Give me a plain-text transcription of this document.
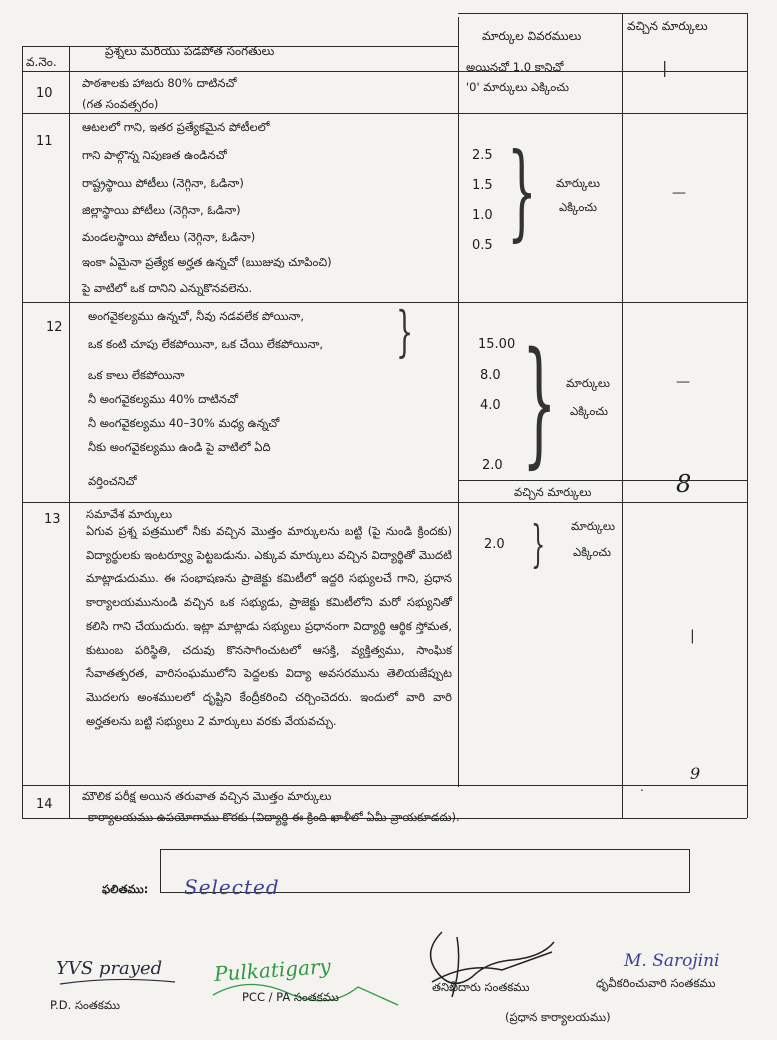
వ.నెం.
ప్రశ్నలు మరియు పడపోత సంగతులు
మార్కుల వివరములు
వచ్చిన మార్కులు
10
పాఠశాలకు హాజరు 80% దాటినచో
(గత సంవత్సరం)
అయినచో 1.0 కానిచో
'0' మార్కులు ఎక్కించు
|
11
ఆటలలో గాని, ఇతర ప్రత్యేకమైన పోటీలలో
గాని పాల్గొన్న నిపుణత ఉండినచో
రాష్ట్రస్థాయి పోటీలు (నెగ్గినా, ఓడినా)
జిల్లాస్థాయి పోటీలు (నెగ్గినా, ఓడినా)
మండలస్థాయి పోటీలు (నెగ్గినా, ఓడినా)
ఇంకా ఏమైనా ప్రత్యేక అర్హత ఉన్నచో (ఋజువు చూపించి)
పై వాటిలో ఒక దానిని ఎన్నుకొనవలెను.
2.5
1.5
1.0
0.5 } మార్కులు
ఎక్కించు
—
12
అంగవైకల్యము ఉన్నచో, నీవు నడవలేక పోయినా,
ఒక కంటి చూపు లేకపోయినా, ఒక చేయి లేకపోయినా, }
ఒక కాలు లేకపోయినా
నీ అంగవైకల్యము 40% దాటినచో
నీ అంగవైకల్యము 40–30% మధ్య ఉన్నచో
నీకు అంగవైకల్యము ఉండి పై వాటిలో ఏది
వర్తించనిచో
15.00
8.0
4.0
2.0 } మార్కులు
ఎక్కించు
—
వచ్చిన మార్కులు	8
13 సమావేశ మార్కులు
ఏగువ ప్రశ్న పత్రములో నీకు వచ్చిన మొత్తం మార్కులను బట్టి (పై నుండి క్రిందకు) విద్యార్థులకు ఇంటర్వ్యూ పెట్టబడును. ఎక్కువ మార్కులు వచ్చిన విద్యార్థితో మొదటి మాట్లాడుదుము. ఈ సంభాషణను ప్రాజెక్టు కమిటీలో ఇద్దరి సభ్యులచే గాని, ప్రధాన కార్యాలయమునుండి వచ్చిన ఒక సభ్యుడు, ప్రాజెక్టు కమిటీలోని మరో సభ్యునితో కలిసి గాని చేయుదురు. ఇట్లా మాట్లాడు సభ్యులు ప్రధానంగా విద్యార్థి ఆర్థిక స్తోమత, కుటుంబ పరిస్థితి, చదువు కొనసాగించుటలో ఆసక్తి, వ్యక్తిత్వము, సాంఘిక సేవాతత్పరత, వారిసంఘములోని పెద్దలకు విద్యా అవసరమును తెలియజేప్పుట మొదలగు అంశములలో దృష్టిని కేంద్రీకరించి చర్చించెదరు. ఇందులో వారి వారి అర్హతలను బట్టి సభ్యులు 2 మార్కులు వరకు వేయవచ్చు.
2.0 } మార్కులు
ఎక్కించు
|
14
మౌలిక పరీక్ష అయిన తరువాత వచ్చిన మొత్తం మార్కులు
.
9
కార్యాలయము ఉపయోగాము కొరకు (విద్యార్థి ఈ క్రింది ఖాళీలో ఏమీ వ్రాయకూడదు).
ఫలితము: Selected
YVS prayed
P.D. సంతకము
Pulkatigary
PCC / PA సంతకము
తనిఖీదారు సంతకము
(ప్రధాన కార్యాలయము)
M. Sarojini
ధృవీకరించువారి సంతకము
